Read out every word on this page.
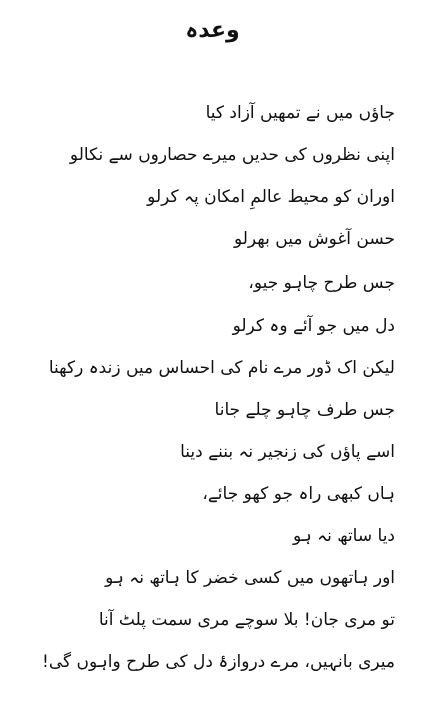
وعدہ
جاؤں میں نے تمھیں آزاد کیا
اپنی نظروں کی حدیں میرے حصاروں سے نکالو
اوران کو محیط عالمِ امکان پہ کرلو
حسن آغوش میں بھرلو
جس طرح چاہو جیو،
دل میں جو آئے وہ کرلو
لیکن اک ڈور مرے نام کی احساس میں زندہ رکھنا
جس طرف چاہو چلے جانا
اسے پاؤں کی زنجیر نہ بننے دینا
ہاں کبھی راہ جو کھو جائے،
دیا ساتھ نہ ہو
اور ہاتھوں میں کسی خضر کا ہاتھ نہ ہو
تو مری جان! بلا سوچے مری سمت پلٹ آنا
میری بانہیں، مرے دروازۂ دل کی طرح واہوں گی!
